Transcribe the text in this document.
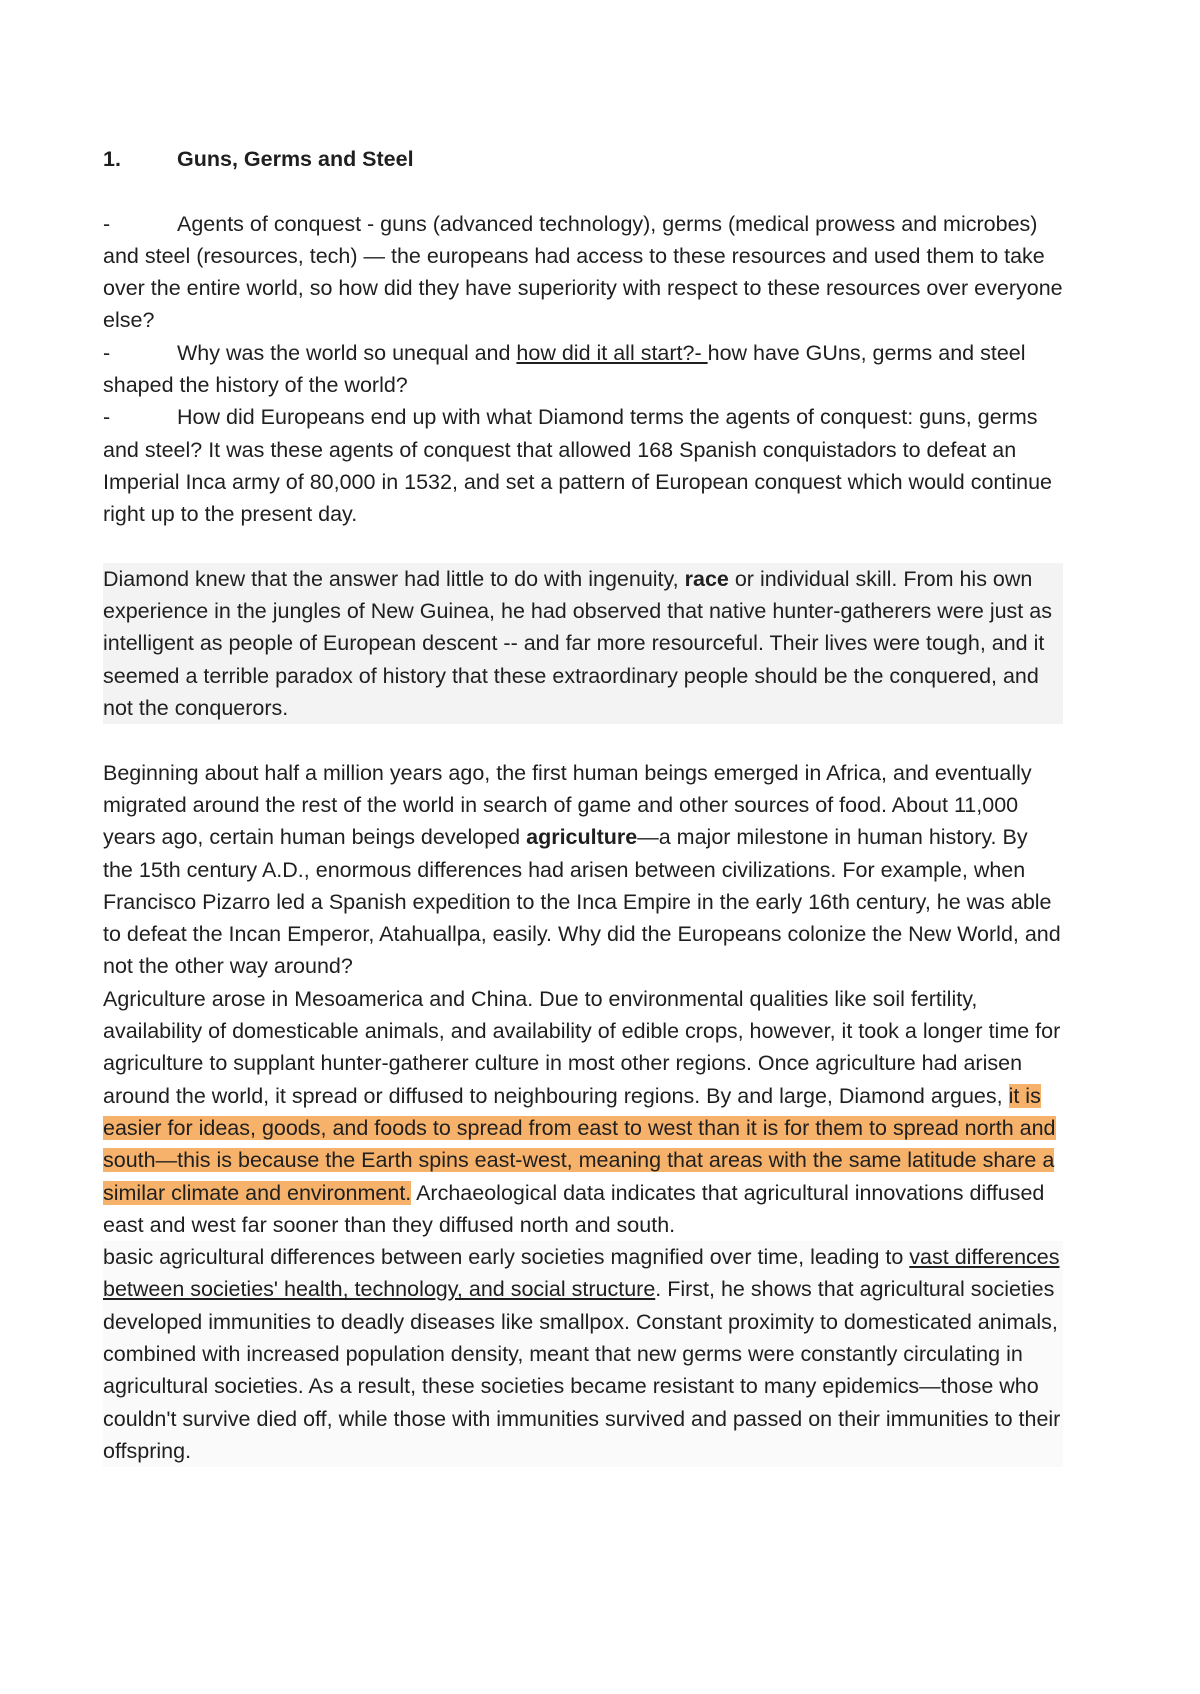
1.	Guns, Germs and Steel

-	Agents of conquest - guns (advanced technology), germs (medical prowess and microbes) and steel (resources, tech) — the europeans had access to these resources and used them to take over the entire world, so how did they have superiority with respect to these resources over everyone else?

-	Why was the world so unequal and how did it all start?- how have GUns, germs and steel shaped the history of the world?

-	How did Europeans end up with what Diamond terms the agents of conquest: guns, germs and steel? It was these agents of conquest that allowed 168 Spanish conquistadors to defeat an Imperial Inca army of 80,000 in 1532, and set a pattern of European conquest which would continue right up to the present day.

Diamond knew that the answer had little to do with ingenuity, race or individual skill. From his own experience in the jungles of New Guinea, he had observed that native hunter-gatherers were just as intelligent as people of European descent -- and far more resourceful. Their lives were tough, and it seemed a terrible paradox of history that these extraordinary people should be the conquered, and not the conquerors.

Beginning about half a million years ago, the first human beings emerged in Africa, and eventually migrated around the rest of the world in search of game and other sources of food. About 11,000 years ago, certain human beings developed agriculture—a major milestone in human history. By the 15th century A.D., enormous differences had arisen between civilizations. For example, when Francisco Pizarro led a Spanish expedition to the Inca Empire in the early 16th century, he was able to defeat the Incan Emperor, Atahuallpa, easily. Why did the Europeans colonize the New World, and not the other way around?

Agriculture arose in Mesoamerica and China. Due to environmental qualities like soil fertility, availability of domesticable animals, and availability of edible crops, however, it took a longer time for agriculture to supplant hunter-gatherer culture in most other regions. Once agriculture had arisen around the world, it spread or diffused to neighbouring regions. By and large, Diamond argues, it is easier for ideas, goods, and foods to spread from east to west than it is for them to spread north and south—this is because the Earth spins east-west, meaning that areas with the same latitude share a similar climate and environment. Archaeological data indicates that agricultural innovations diffused east and west far sooner than they diffused north and south.

basic agricultural differences between early societies magnified over time, leading to vast differences between societies' health, technology, and social structure. First, he shows that agricultural societies developed immunities to deadly diseases like smallpox. Constant proximity to domesticated animals, combined with increased population density, meant that new germs were constantly circulating in agricultural societies. As a result, these societies became resistant to many epidemics—those who couldn't survive died off, while those with immunities survived and passed on their immunities to their offspring.
